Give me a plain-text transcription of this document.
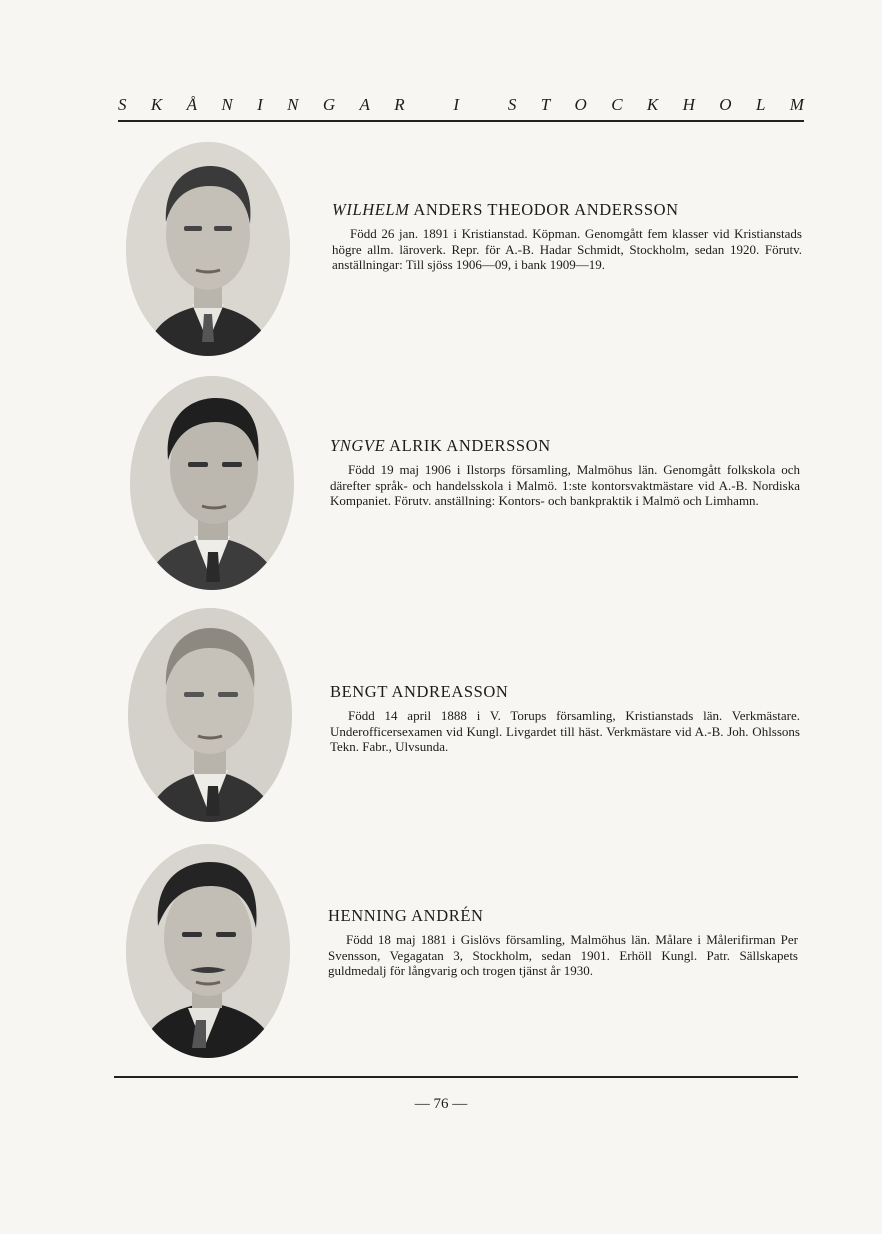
S K Å N I N G A R	I	S T O C K H O L M

WILHELM ANDERS THEODOR ANDERSSON

Född 26 jan. 1891 i Kristianstad. Köpman. Genomgått fem klasser vid Kristianstads högre allm. läroverk. Repr. för A.-B. Hadar Schmidt, Stockholm, sedan 1920. Förutv. anställningar: Till sjöss 1906—09, i bank 1909—19.

YNGVE ALRIK ANDERSSON

Född 19 maj 1906 i Ilstorps församling, Malmöhus län. Genomgått folkskola och därefter språk- och handelsskola i Malmö. 1:ste kontorsvaktmästare vid A.-B. Nordiska Kompaniet. Förutv. anställning: Kontors- och bankpraktik i Malmö och Limhamn.

BENGT ANDREASSON

Född 14 april 1888 i V. Torups församling, Kristianstads län. Verkmästare. Underofficersexamen vid Kungl. Livgardet till häst. Verkmästare vid A.-B. Joh. Ohlssons Tekn. Fabr., Ulvsunda.

HENNING ANDRÉN

Född 18 maj 1881 i Gislövs församling, Malmöhus län. Målare i Målerifirman Per Svensson, Vegagatan 3, Stockholm, sedan 1901. Erhöll Kungl. Patr. Sällskapets guldmedalj för långvarig och trogen tjänst år 1930.

— 76 —
